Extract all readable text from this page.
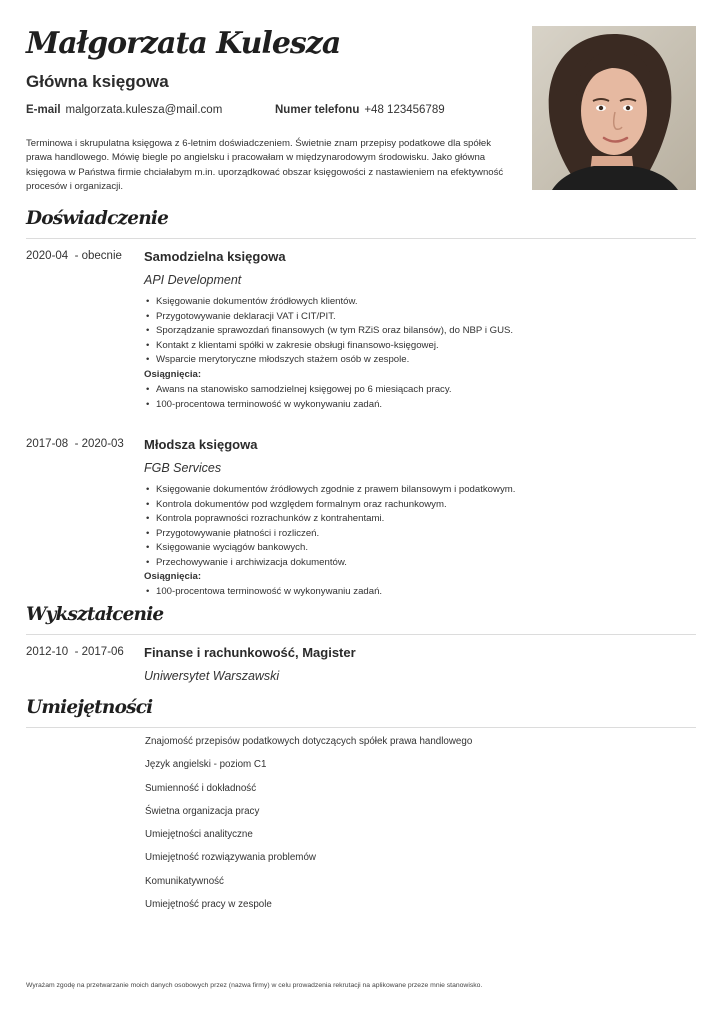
Małgorzata Kulesza
Główna księgowa
E-mail malgorzata.kulesza@mail.com	Numer telefonu +48 123456789

Terminowa i skrupulatna księgowa z 6-letnim doświadczeniem. Świetnie znam przepisy podatkowe dla spółek prawa handlowego. Mówię biegle po angielsku i pracowałam w międzynarodowym środowisku. Jako główna księgowa w Państwa firmie chciałabym m.in. uporządkować obszar księgowości z nastawieniem na efektywność procesów i organizacji.

Doświadczenie
2020-04  - obecnie Samodzielna księgowa
API Development
• Księgowanie dokumentów źródłowych klientów.
• Przygotowywanie deklaracji VAT i CIT/PIT.
• Sporządzanie sprawozdań finansowych (w tym RZiS oraz bilansów), do NBP i GUS.
• Kontakt z klientami spółki w zakresie obsługi finansowo-księgowej.
• Wsparcie merytoryczne młodszych stażem osób w zespole.
Osiągnięcia:
• Awans na stanowisko samodzielnej księgowej po 6 miesiącach pracy.
• 100-procentowa terminowość w wykonywaniu zadań.
2017-08  - 2020-03 Młodsza księgowa
FGB Services
• Księgowanie dokumentów źródłowych zgodnie z prawem bilansowym i podatkowym.
• Kontrola dokumentów pod względem formalnym oraz rachunkowym.
• Kontrola poprawności rozrachunków z kontrahentami.
• Przygotowywanie płatności i rozliczeń.
• Księgowanie wyciągów bankowych.
• Przechowywanie i archiwizacja dokumentów.
Osiągnięcia:
• 100-procentowa terminowość w wykonywaniu zadań.
Wykształcenie
2012-10  - 2017-06 Finanse i rachunkowość, Magister
Uniwersytet Warszawski
Umiejętności
Znajomość przepisów podatkowych dotyczących spółek prawa handlowego
Język angielski - poziom C1
Sumienność i dokładność
Świetna organizacja pracy
Umiejętności analityczne
Umiejętność rozwiązywania problemów
Komunikatywność
Umiejętność pracy w zespole
Wyrażam zgodę na przetwarzanie moich danych osobowych przez (nazwa firmy) w celu prowadzenia rekrutacji na aplikowane przeze mnie stanowisko.
